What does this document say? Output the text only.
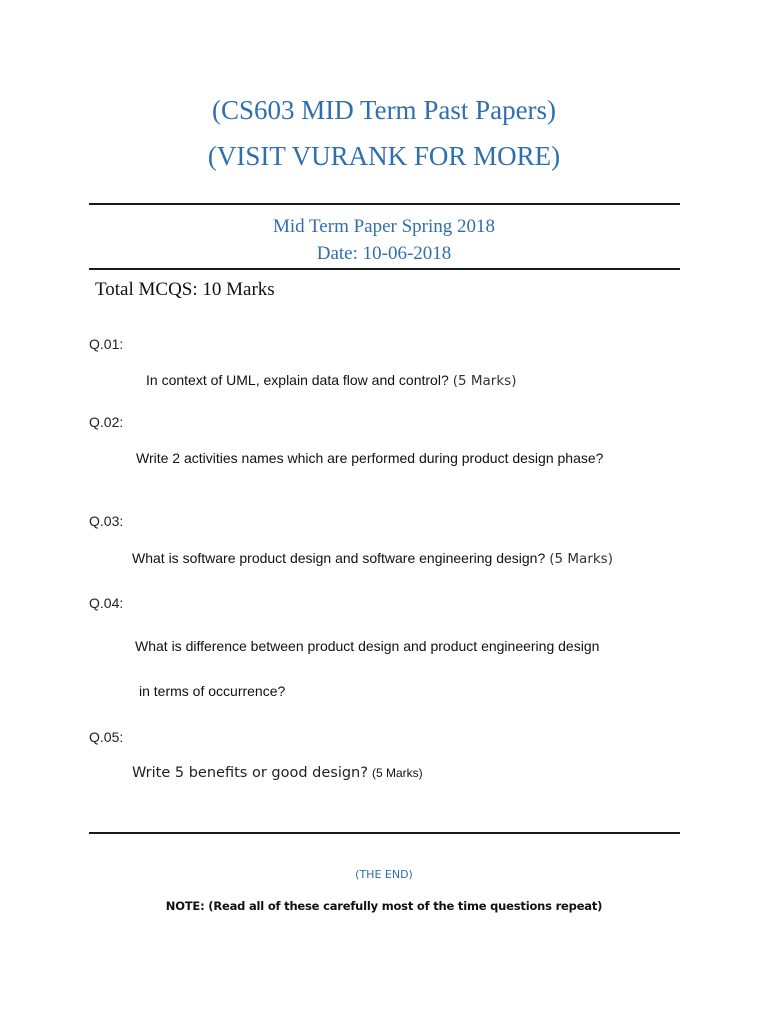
(CS603 MID Term Past Papers)
(VISIT VURANK FOR MORE)
Mid Term Paper Spring 2018
Date: 10-06-2018
Total MCQS: 10 Marks
Q.01:
In context of UML, explain data flow and control? (5 Marks)
Q.02:
Write 2 activities names which are performed during product design phase?
Q.03:
What is software product design and software engineering design? (5 Marks)
Q.04:
What is difference between product design and product engineering design
in terms of occurrence?
Q.05:
Write 5 benefits or good design? (5 Marks)
(THE END)
NOTE: (Read all of these carefully most of the time questions repeat)
